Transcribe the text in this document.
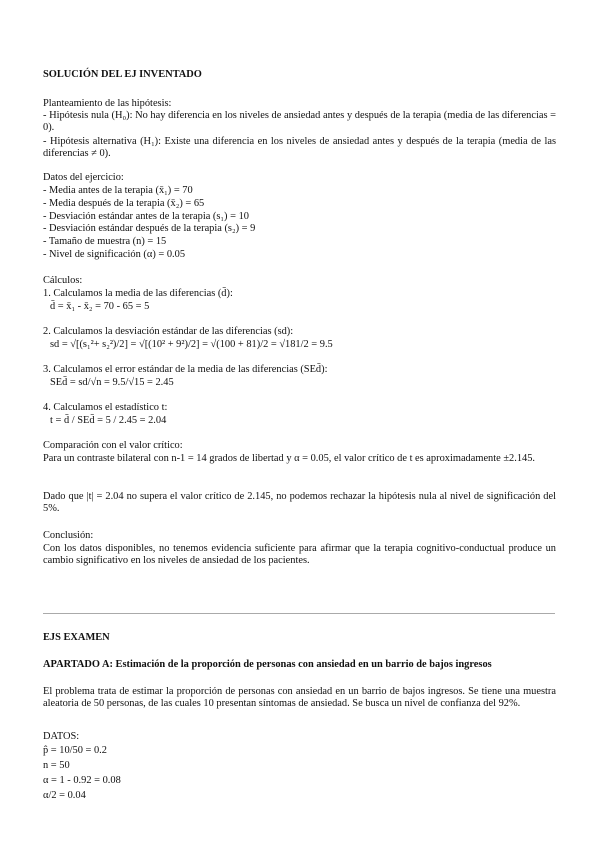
SOLUCIÓN DEL EJ INVENTADO
Planteamiento de las hipótesis:
- Hipótesis nula (H₀): No hay diferencia en los niveles de ansiedad antes y después de la terapia (media de las diferencias = 0).
- Hipótesis alternativa (H₁): Existe una diferencia en los niveles de ansiedad antes y después de la terapia (media de las diferencias ≠ 0).
Datos del ejercicio:
- Media antes de la terapia (x̄₁) = 70
- Media después de la terapia (x̄₂) = 65
- Desviación estándar antes de la terapia (s₁) = 10
- Desviación estándar después de la terapia (s₂) = 9
- Tamaño de muestra (n) = 15
- Nivel de significación (α) = 0.05
Cálculos:
1. Calculamos la media de las diferencias (d̄):
d̄ = x̄₁ - x̄₂ = 70 - 65 = 5
2. Calculamos la desviación estándar de las diferencias (sd):
sd = √[(s₁²+ s₂²)/2] = √[(10² + 9²)/2] = √(100 + 81)/2 = √181/2 = 9.5
3. Calculamos el error estándar de la media de las diferencias (SEd̄):
SEd̄ = sd/√n = 9.5/√15 = 2.45
4. Calculamos el estadístico t:
t = d̄ / SEd̄ = 5 / 2.45 = 2.04
Comparación con el valor crítico:
Para un contraste bilateral con n-1 = 14 grados de libertad y α = 0.05, el valor crítico de t es aproximadamente ±2.145.
Dado que |t| = 2.04 no supera el valor crítico de 2.145, no podemos rechazar la hipótesis nula al nivel de significación del 5%.
Conclusión:
Con los datos disponibles, no tenemos evidencia suficiente para afirmar que la terapia cognitivo-conductual produce un cambio significativo en los niveles de ansiedad de los pacientes.
EJS EXAMEN
APARTADO A: Estimación de la proporción de personas con ansiedad en un barrio de bajos ingresos
El problema trata de estimar la proporción de personas con ansiedad en un barrio de bajos ingresos. Se tiene una muestra aleatoria de 50 personas, de las cuales 10 presentan síntomas de ansiedad. Se busca un nivel de confianza del 92%.
DATOS:
p̂ = 10/50 = 0.2
n = 50
α = 1 - 0.92 = 0.08
α/2 = 0.04
